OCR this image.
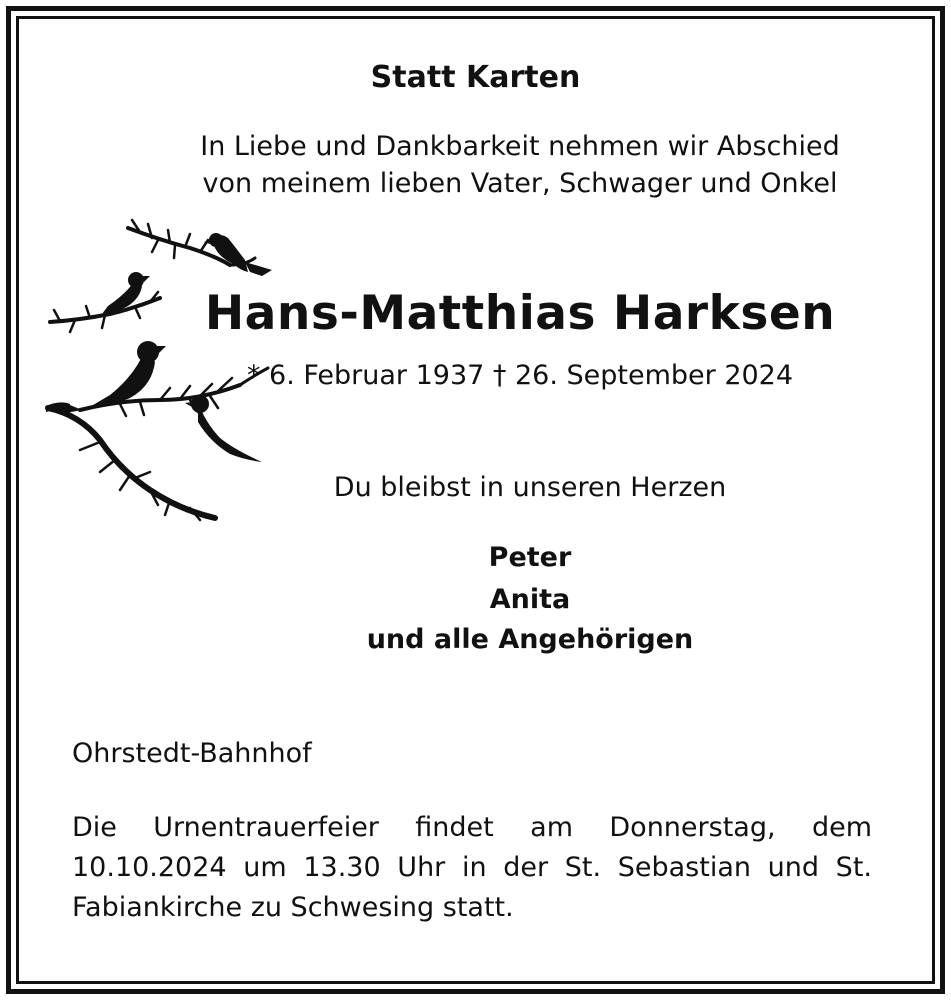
Statt Karten
In Liebe und Dankbarkeit nehmen wir Abschied
von meinem lieben Vater, Schwager und Onkel
Hans-Matthias Harksen
* 6. Februar 1937 † 26. September 2024
Du bleibst in unseren Herzen
Peter
Anita
und alle Angehörigen
Ohrstedt-Bahnhof
Die Urnentrauerfeier findet am Donnerstag, dem 10.10.2024 um 13.30 Uhr in der St. Sebastian und St. Fabiankirche zu Schwesing statt.
